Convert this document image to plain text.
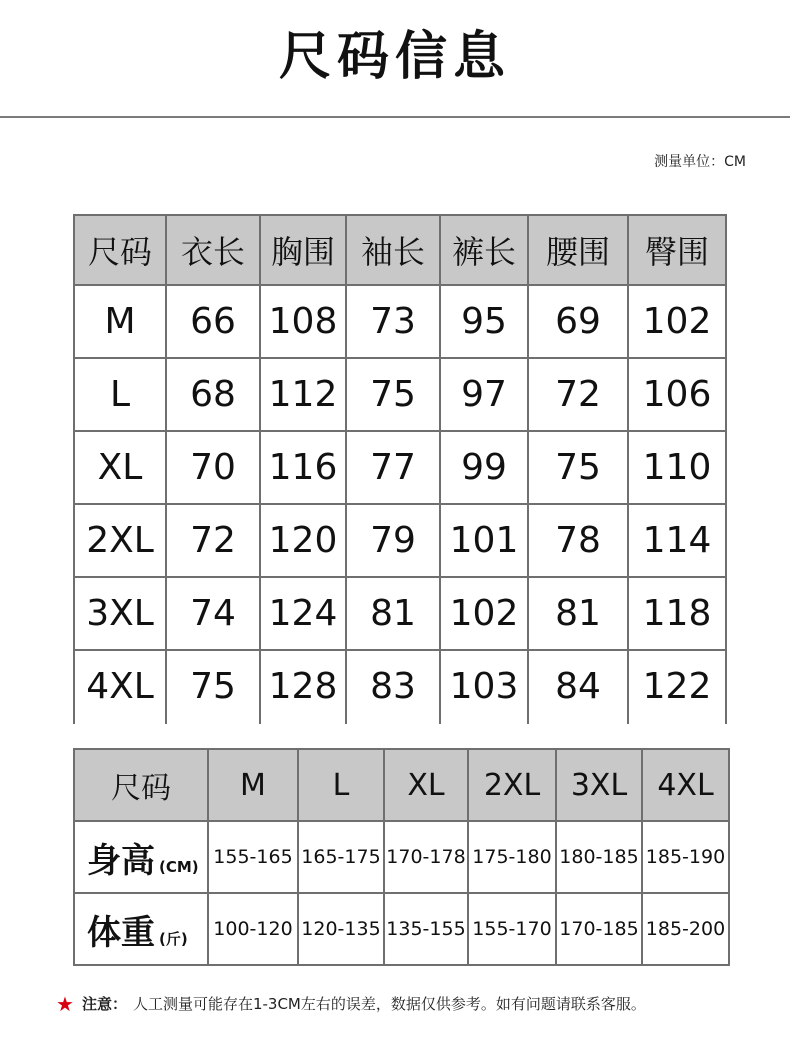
尺码信息
测量单位：CM
尺码	衣长	胸围	袖长	裤长	腰围	臀围
M	66	108	73	95	69	102
L	68	112	75	97	72	106
XL	70	116	77	99	75	110
2XL	72	120	79	101	78	114
3XL	74	124	81	102	81	118
4XL	75	128	83	103	84	122
尺码	M	L	XL	2XL	3XL	4XL
身高 (CM)	155-165	165-175	170-178	175-180	180-185	185-190
体重 (斤)	100-120	120-135	135-155	155-170	170-185	185-200
★ 注意： 人工测量可能存在1-3CM左右的误差，数据仅供参考。如有问题请联系客服。
